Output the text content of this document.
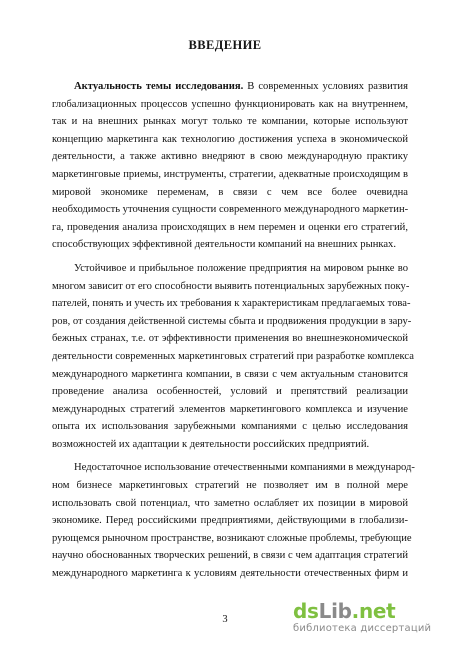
ВВЕДЕНИЕ
Актуальность темы исследования. В современных условиях развития
глобализационных процессов успешно функционировать как на внутреннем,
так и на внешних рынках могут только те компании, которые используют
концепцию маркетинга как технологию достижения успеха в экономической
деятельности, а также активно внедряют в свою международную практику
маркетинговые приемы, инструменты, стратегии, адекватные происходящим в
мировой экономике переменам, в связи с чем все более очевидна
необходимость уточнения сущности современного международного маркетин-
га, проведения анализа происходящих в нем перемен и оценки его стратегий,
способствующих эффективной деятельности компаний на внешних рынках.
Устойчивое и прибыльное положение предприятия на мировом рынке во
многом зависит от его способности выявить потенциальных зарубежных поку-
пателей, понять и учесть их требования к характеристикам предлагаемых това-
ров, от создания действенной системы сбыта и продвижения продукции в зару-
бежных странах, т.е. от эффективности применения во внешнеэкономической
деятельности современных маркетинговых стратегий при разработке комплекса
международного маркетинга компании, в связи с чем актуальным становится
проведение анализа особенностей, условий и препятствий реализации
международных стратегий элементов маркетингового комплекса и изучение
опыта их использования зарубежными компаниями с целью исследования
возможностей их адаптации к деятельности российских предприятий.
Недостаточное использование отечественными компаниями в международ-
ном бизнесе маркетинговых стратегий не позволяет им в полной мере
использовать свой потенциал, что заметно ослабляет их позиции в мировой
экономике. Перед российскими предприятиями, действующими в глобализи-
рующемся рыночном пространстве, возникают сложные проблемы, требующие
научно обоснованных творческих решений, в связи с чем адаптация стратегий
международного маркетинга к условиям деятельности отечественных фирм и
3	ds Lib .net
библиотека диссертаций
